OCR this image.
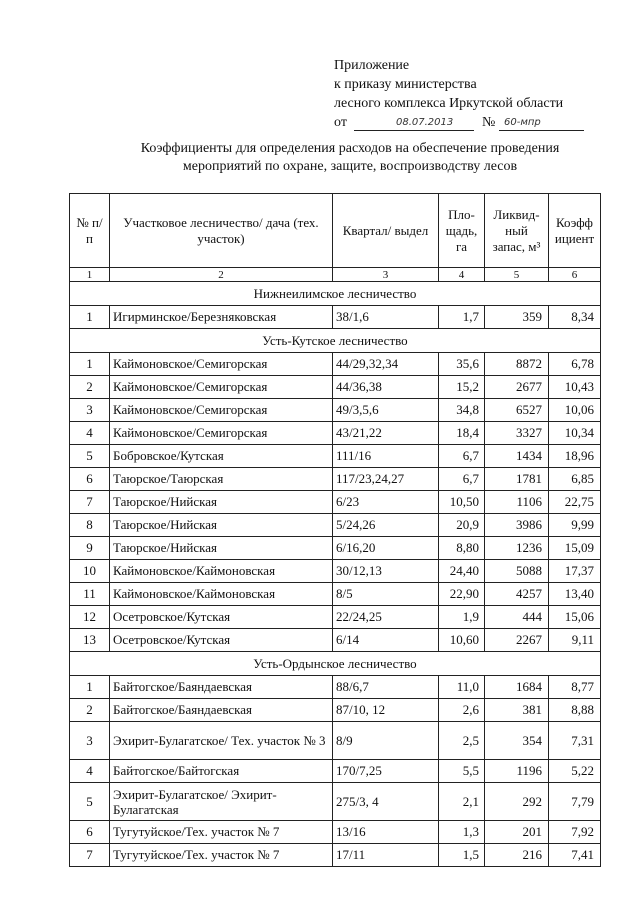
Приложение
к приказу министерства
лесного комплекса Иркутской области
от	08.07.2013 № 60-мпр
Коэффициенты для определения расходов на обеспечение проведения
мероприятий по охране, защите, воспроизводству лесов
№ п/п	Участковое лесничество/ дача (тех. участок)	Квартал/ выдел	Пло- щадь, га	Ликвид- ный запас, м³	Коэфф ициент
1	2	3	4	5	6
Нижнеилимское лесничество					
1	Игирминское/Березняковская	38/1,6	1,7	359	8,34
Усть-Кутское лесничество					
1	Каймоновское/Семигорская	44/29,32,34	35,6	8872	6,78
2	Каймоновское/Семигорская	44/36,38	15,2	2677	10,43
3	Каймоновское/Семигорская	49/3,5,6	34,8	6527	10,06
4	Каймоновское/Семигорская	43/21,22	18,4	3327	10,34
5	Бобровское/Кутская	111/16	6,7	1434	18,96
6	Таюрское/Таюрская	117/23,24,27	6,7	1781	6,85
7	Таюрское/Нийская	6/23	10,50	1106	22,75
8	Таюрское/Нийская	5/24,26	20,9	3986	9,99
9	Таюрское/Нийская	6/16,20	8,80	1236	15,09
10	Каймоновское/Каймоновская	30/12,13	24,40	5088	17,37
11	Каймоновское/Каймоновская	8/5	22,90	4257	13,40
12	Осетровское/Кутская	22/24,25	1,9	444	15,06
13	Осетровское/Кутская	6/14	10,60	2267	9,11
Усть-Ордынское лесничество					
1	Байтогское/Баяндаевская	88/6,7	11,0	1684	8,77
2	Байтогское/Баяндаевская	87/10, 12	2,6	381	8,88
3	Эхирит-Булагатское/ Тех. участок № 3	8/9	2,5	354	7,31
4	Байтогское/Байтогская	170/7,25	5,5	1196	5,22
5	Эхирит-Булагатское/ Эхирит-Булагатская	275/3, 4	2,1	292	7,79
6	Тугутуйское/Тех. участок № 7	13/16	1,3	201	7,92
7	Тугутуйское/Тех. участок № 7	17/11	1,5	216	7,41
